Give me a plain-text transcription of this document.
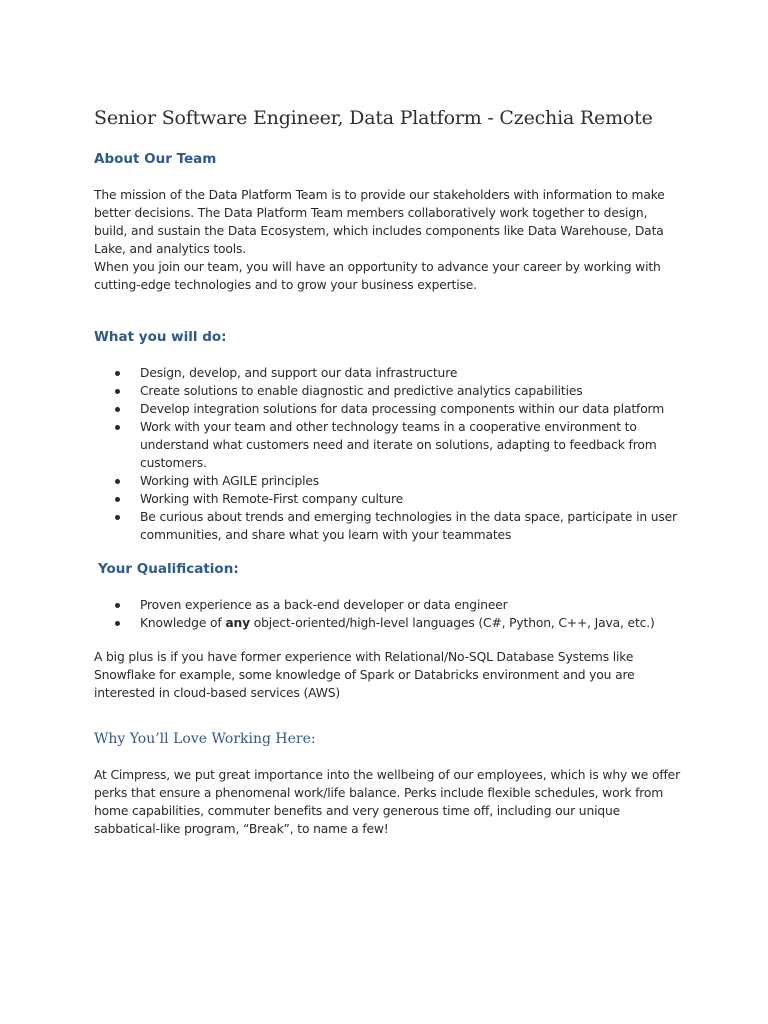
Senior Software Engineer, Data Platform - Czechia Remote
About Our Team

The mission of the Data Platform Team is to provide our stakeholders with information to make better decisions. The Data Platform Team members collaboratively work together to design, build, and sustain the Data Ecosystem, which includes components like Data Warehouse, Data Lake, and analytics tools.

When you join our team, you will have an opportunity to advance your career by working with cutting-edge technologies and to grow your business expertise.

What you will do:
Design, develop, and support our data infrastructure
Create solutions to enable diagnostic and predictive analytics capabilities
Develop integration solutions for data processing components within our data platform
Work with your team and other technology teams in a cooperative environment to understand what customers need and iterate on solutions, adapting to feedback from customers.
Working with AGILE principles
Working with Remote-First company culture
Be curious about trends and emerging technologies in the data space, participate in user communities, and share what you learn with your teammates
Your Qualification:
Proven experience as a back-end developer or data engineer
Knowledge of any object-oriented/high-level languages (C#, Python, C++, Java, etc.)

A big plus is if you have former experience with Relational/No-SQL Database Systems like Snowflake for example, some knowledge of Spark or Databricks environment and you are interested in cloud-based services (AWS)

Why You’ll Love Working Here:

At Cimpress, we put great importance into the wellbeing of our employees, which is why we offer perks that ensure a phenomenal work/life balance. Perks include flexible schedules, work from home capabilities, commuter benefits and very generous time off, including our unique sabbatical-like program, “Break”, to name a few!
